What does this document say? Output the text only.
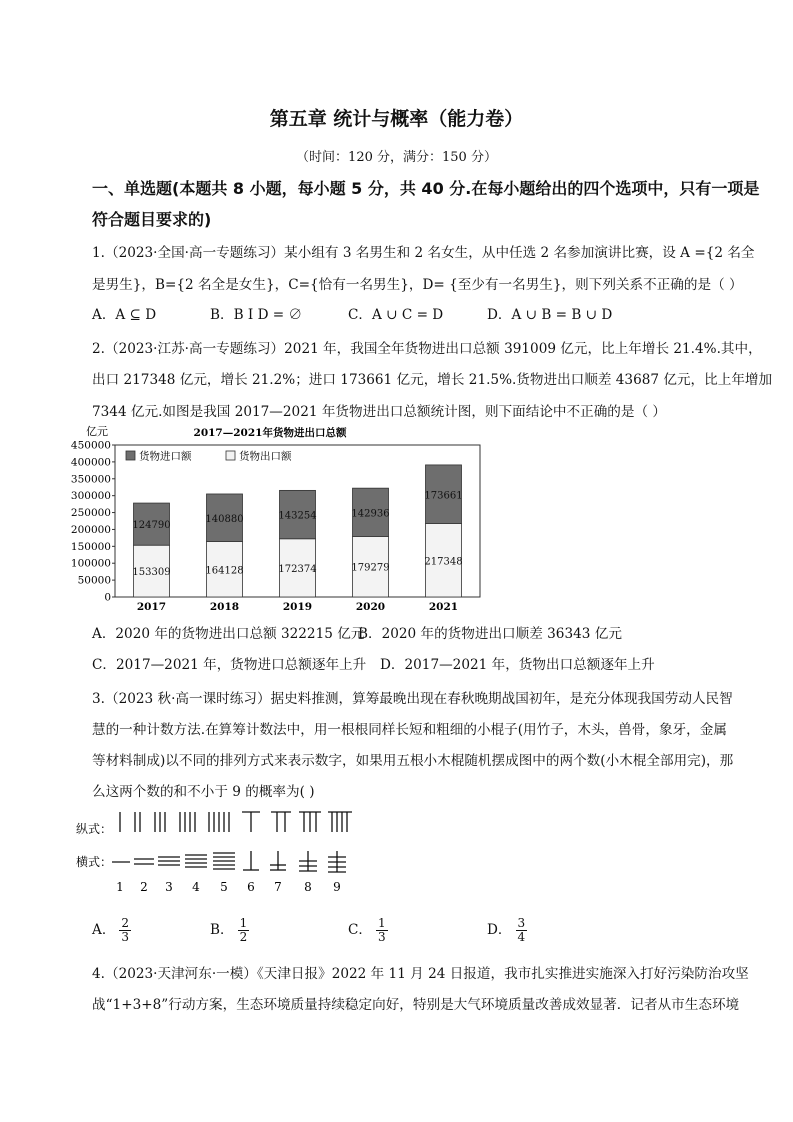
第五章 统计与概率（能力卷）
（时间：120 分，满分：150 分）
一、单选题(本题共 8 小题，每小题 5 分，共 40 分.在每小题给出的四个选项中，只有一项是
符合题目要求的)
1.（2023·全国·高一专题练习）某小组有 3 名男生和 2 名女生，从中任选 2 名参加演讲比赛，设 A ={2 名全
是男生}，B={2 名全是女生}，C={恰有一名男生}，D= {至少有一名男生}，则下列关系不正确的是（ ）
A．A ⊆ D	B．B I D = ∅	C．A ∪ C = D	D．A ∪ B = B ∪ D
2.（2023·江苏·高一专题练习）2021 年，我国全年货物进出口总额 391009 亿元，比上年增长 21.4%.其中，
出口 217348 亿元，增长 21.2%；进口 173661 亿元，增长 21.5%.货物进出口顺差 43687 亿元，比上年增加
7344 亿元.如图是我国 2017—2021 年货物进出口总额统计图，则下面结论中不正确的是（ ）
亿元	2017—2021年货物进出口总额
0
50000
100000
150000
200000
250000
300000
350000
400000
450000
153309
124790
164128
140880
172374
143254
179279
142936
217348
173661
2017	2018	2019	2020	2021
货物进口额	货物出口额
A．2020 年的货物进出口总额 322215 亿元
B．2020 年的货物进出口顺差 36343 亿元
C．2017—2021 年，货物进口总额逐年上升 D．2017—2021 年，货物出口总额逐年上升
3.（2023 秋·高一课时练习）据史料推测，算筹最晚出现在春秋晚期战国初年，是充分体现我国劳动人民智
慧的一种计数方法.在算筹计数法中，用一根根同样长短和粗细的小棍子(用竹子，木头，兽骨，象牙，金属
等材料制成)以不同的排列方式来表示数字，如果用五根小木棍随机摆成图中的两个数(小木棍全部用完)，那
么这两个数的和不小于 9 的概率为( )
纵式：
横式：
1 2 3 4 5 6 7 8 9
A． $\frac{2}{3}$	B． $\frac{1}{2}$	C． $\frac{1}{3}$	D． $\frac{3}{4}$
4.（2023·天津河东·一模）《天津日报》2022 年 11 月 24 日报道，我市扎实推进实施深入打好污染防治攻坚
战“1+3+8”行动方案，生态环境质量持续稳定向好，特别是大气环境质量改善成效显著．记者从市生态环境
